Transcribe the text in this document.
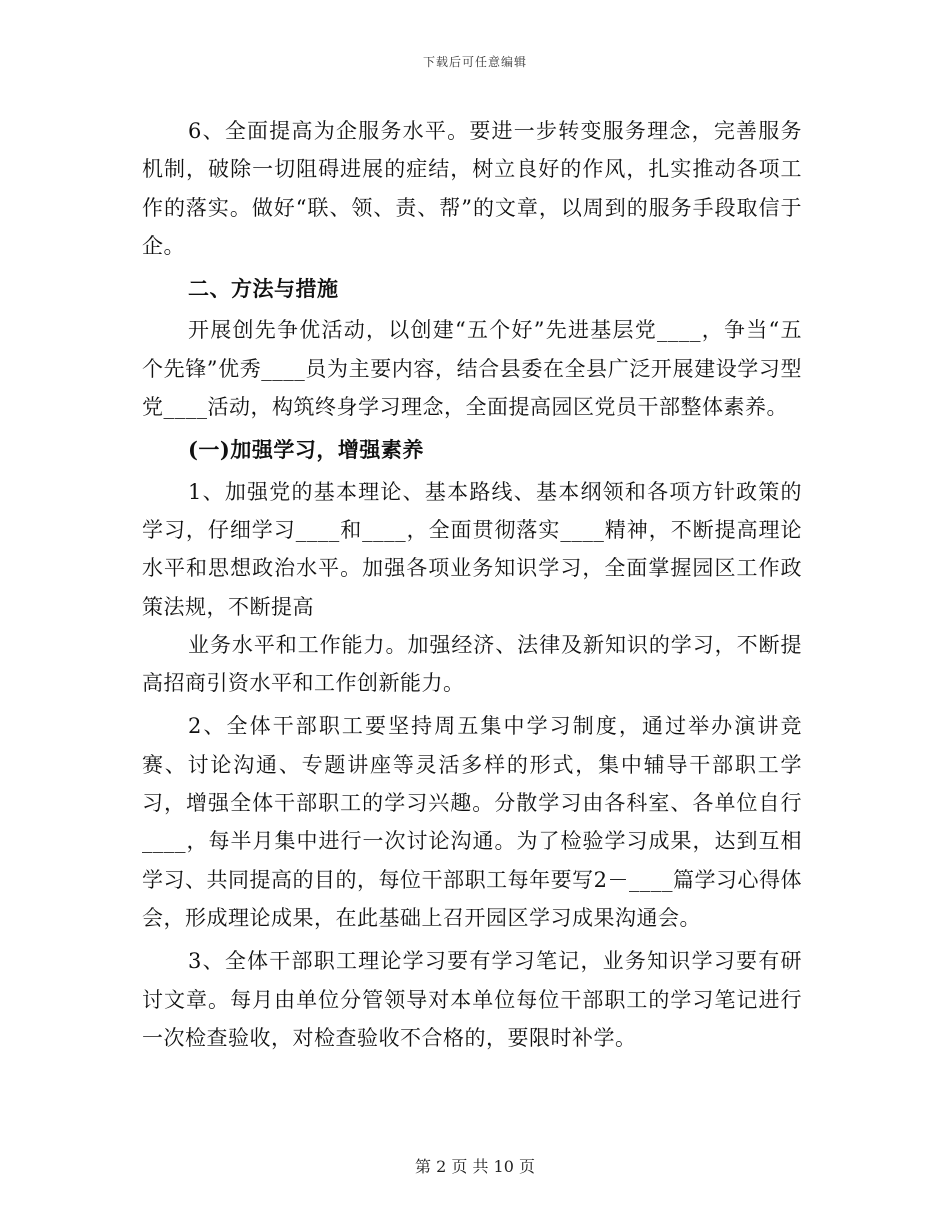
下载后可任意编辑

6、全面提高为企服务水平。要进一步转变服务理念，完善服务机制，破除一切阻碍进展的症结，树立良好的作风，扎实推动各项工作的落实。做好“联、领、责、帮”的文章，以周到的服务手段取信于企。

二、方法与措施

开展创先争优活动，以创建“五个好”先进基层党____，争当“五个先锋”优秀____员为主要内容，结合县委在全县广泛开展建设学习型党____活动，构筑终身学习理念，全面提高园区党员干部整体素养。

(一)加强学习，增强素养

1、加强党的基本理论、基本路线、基本纲领和各项方针政策的学习，仔细学习____和____，全面贯彻落实____精神，不断提高理论水平和思想政治水平。加强各项业务知识学习，全面掌握园区工作政策法规，不断提高

业务水平和工作能力。加强经济、法律及新知识的学习，不断提高招商引资水平和工作创新能力。

2、全体干部职工要坚持周五集中学习制度，通过举办演讲竞赛、讨论沟通、专题讲座等灵活多样的形式，集中辅导干部职工学习，增强全体干部职工的学习兴趣。分散学习由各科室、各单位自行____，每半月集中进行一次讨论沟通。为了检验学习成果，达到互相学习、共同提高的目的，每位干部职工每年要写2－____篇学习心得体会，形成理论成果，在此基础上召开园区学习成果沟通会。

3、全体干部职工理论学习要有学习笔记，业务知识学习要有研讨文章。每月由单位分管领导对本单位每位干部职工的学习笔记进行一次检查验收，对检查验收不合格的，要限时补学。

第 2 页 共 10 页
